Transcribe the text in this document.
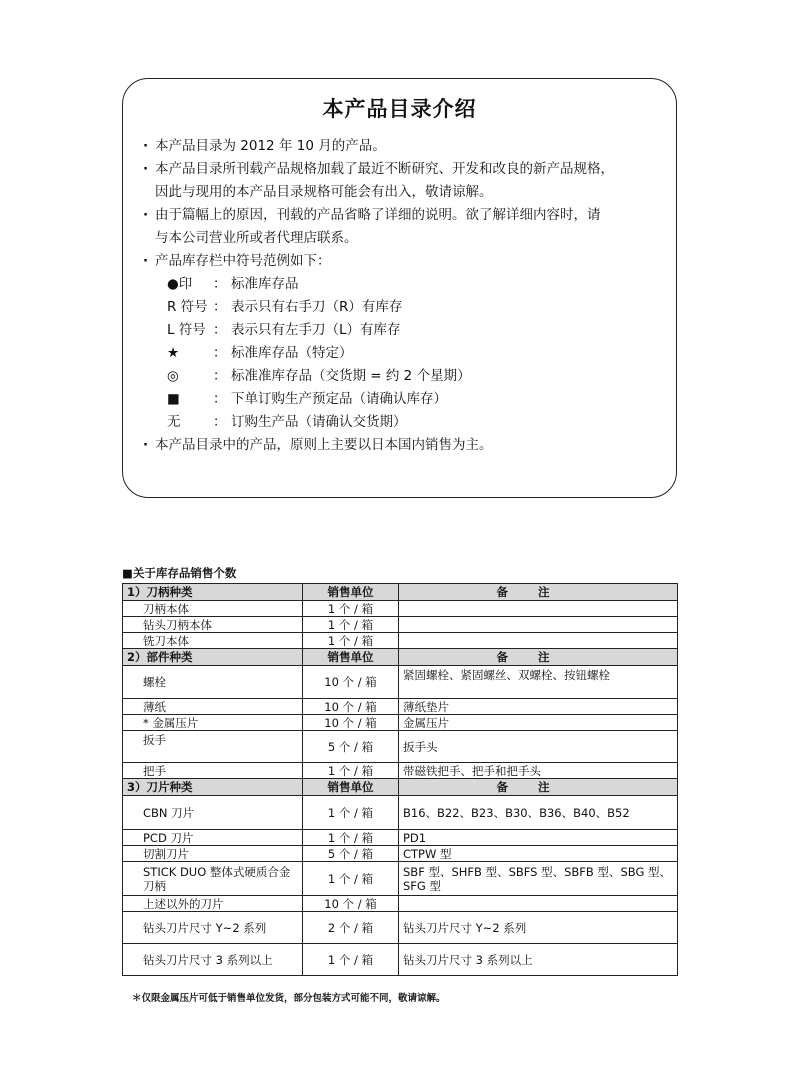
本产品目录介绍
· 本产品目录为 2012 年 10 月的产品。
· 本产品目录所刊载产品规格加载了最近不断研究、开发和改良的新产品规格，
因此与现用的本产品目录规格可能会有出入，敬请谅解。
· 由于篇幅上的原因，刊载的产品省略了详细的说明。欲了解详细内容时，请
与本公司营业所或者代理店联系。
· 产品库存栏中符号范例如下：
●印	： 标准库存品
R 符号 ： 表示只有右手刀（R）有库存
L 符号 ： 表示只有左手刀（L）有库存
★	： 标准库存品（特定）
◎	： 标准准库存品（交货期 = 约 2 个星期）
■	： 下单订购生产预定品（请确认库存）
无	： 订购生产品（请确认交货期）
· 本产品目录中的产品，原则上主要以日本国内销售为主。
■关于库存品销售个数
1）刀柄种类	销售单位	备注
刀柄本体	1 个 / 箱	
钻头刀柄本体	1 个 / 箱	
铣刀本体	1 个 / 箱	
2）部件种类	销售单位	备注
螺栓	10 个 / 箱	紧固螺栓、紧固螺丝、双螺栓、按钮螺栓
薄纸	10 个 / 箱	薄纸垫片
* 金属压片	10 个 / 箱	金属压片
扳手	5 个 / 箱	扳手头
把手	1 个 / 箱	带磁铁把手、把手和把手头
3）刀片种类	销售单位	备注
CBN 刀片	1 个 / 箱	B16、B22、B23、B30、B36、B40、B52
PCD 刀片	1 个 / 箱	PD1
切割刀片	5 个 / 箱	CTPW 型
STICK DUO 整体式硬质合金刀柄	1 个 / 箱	SBF 型、SHFB 型、SBFS 型、SBFB 型、SBG 型、SFG 型
上述以外的刀片	10 个 / 箱	
钻头刀片尺寸 Y~2 系列	2 个 / 箱	钻头刀片尺寸 Y~2 系列
钻头刀片尺寸 3 系列以上	1 个 / 箱	钻头刀片尺寸 3 系列以上
＊仅限金属压片可低于销售单位发货，部分包装方式可能不同，敬请谅解。
